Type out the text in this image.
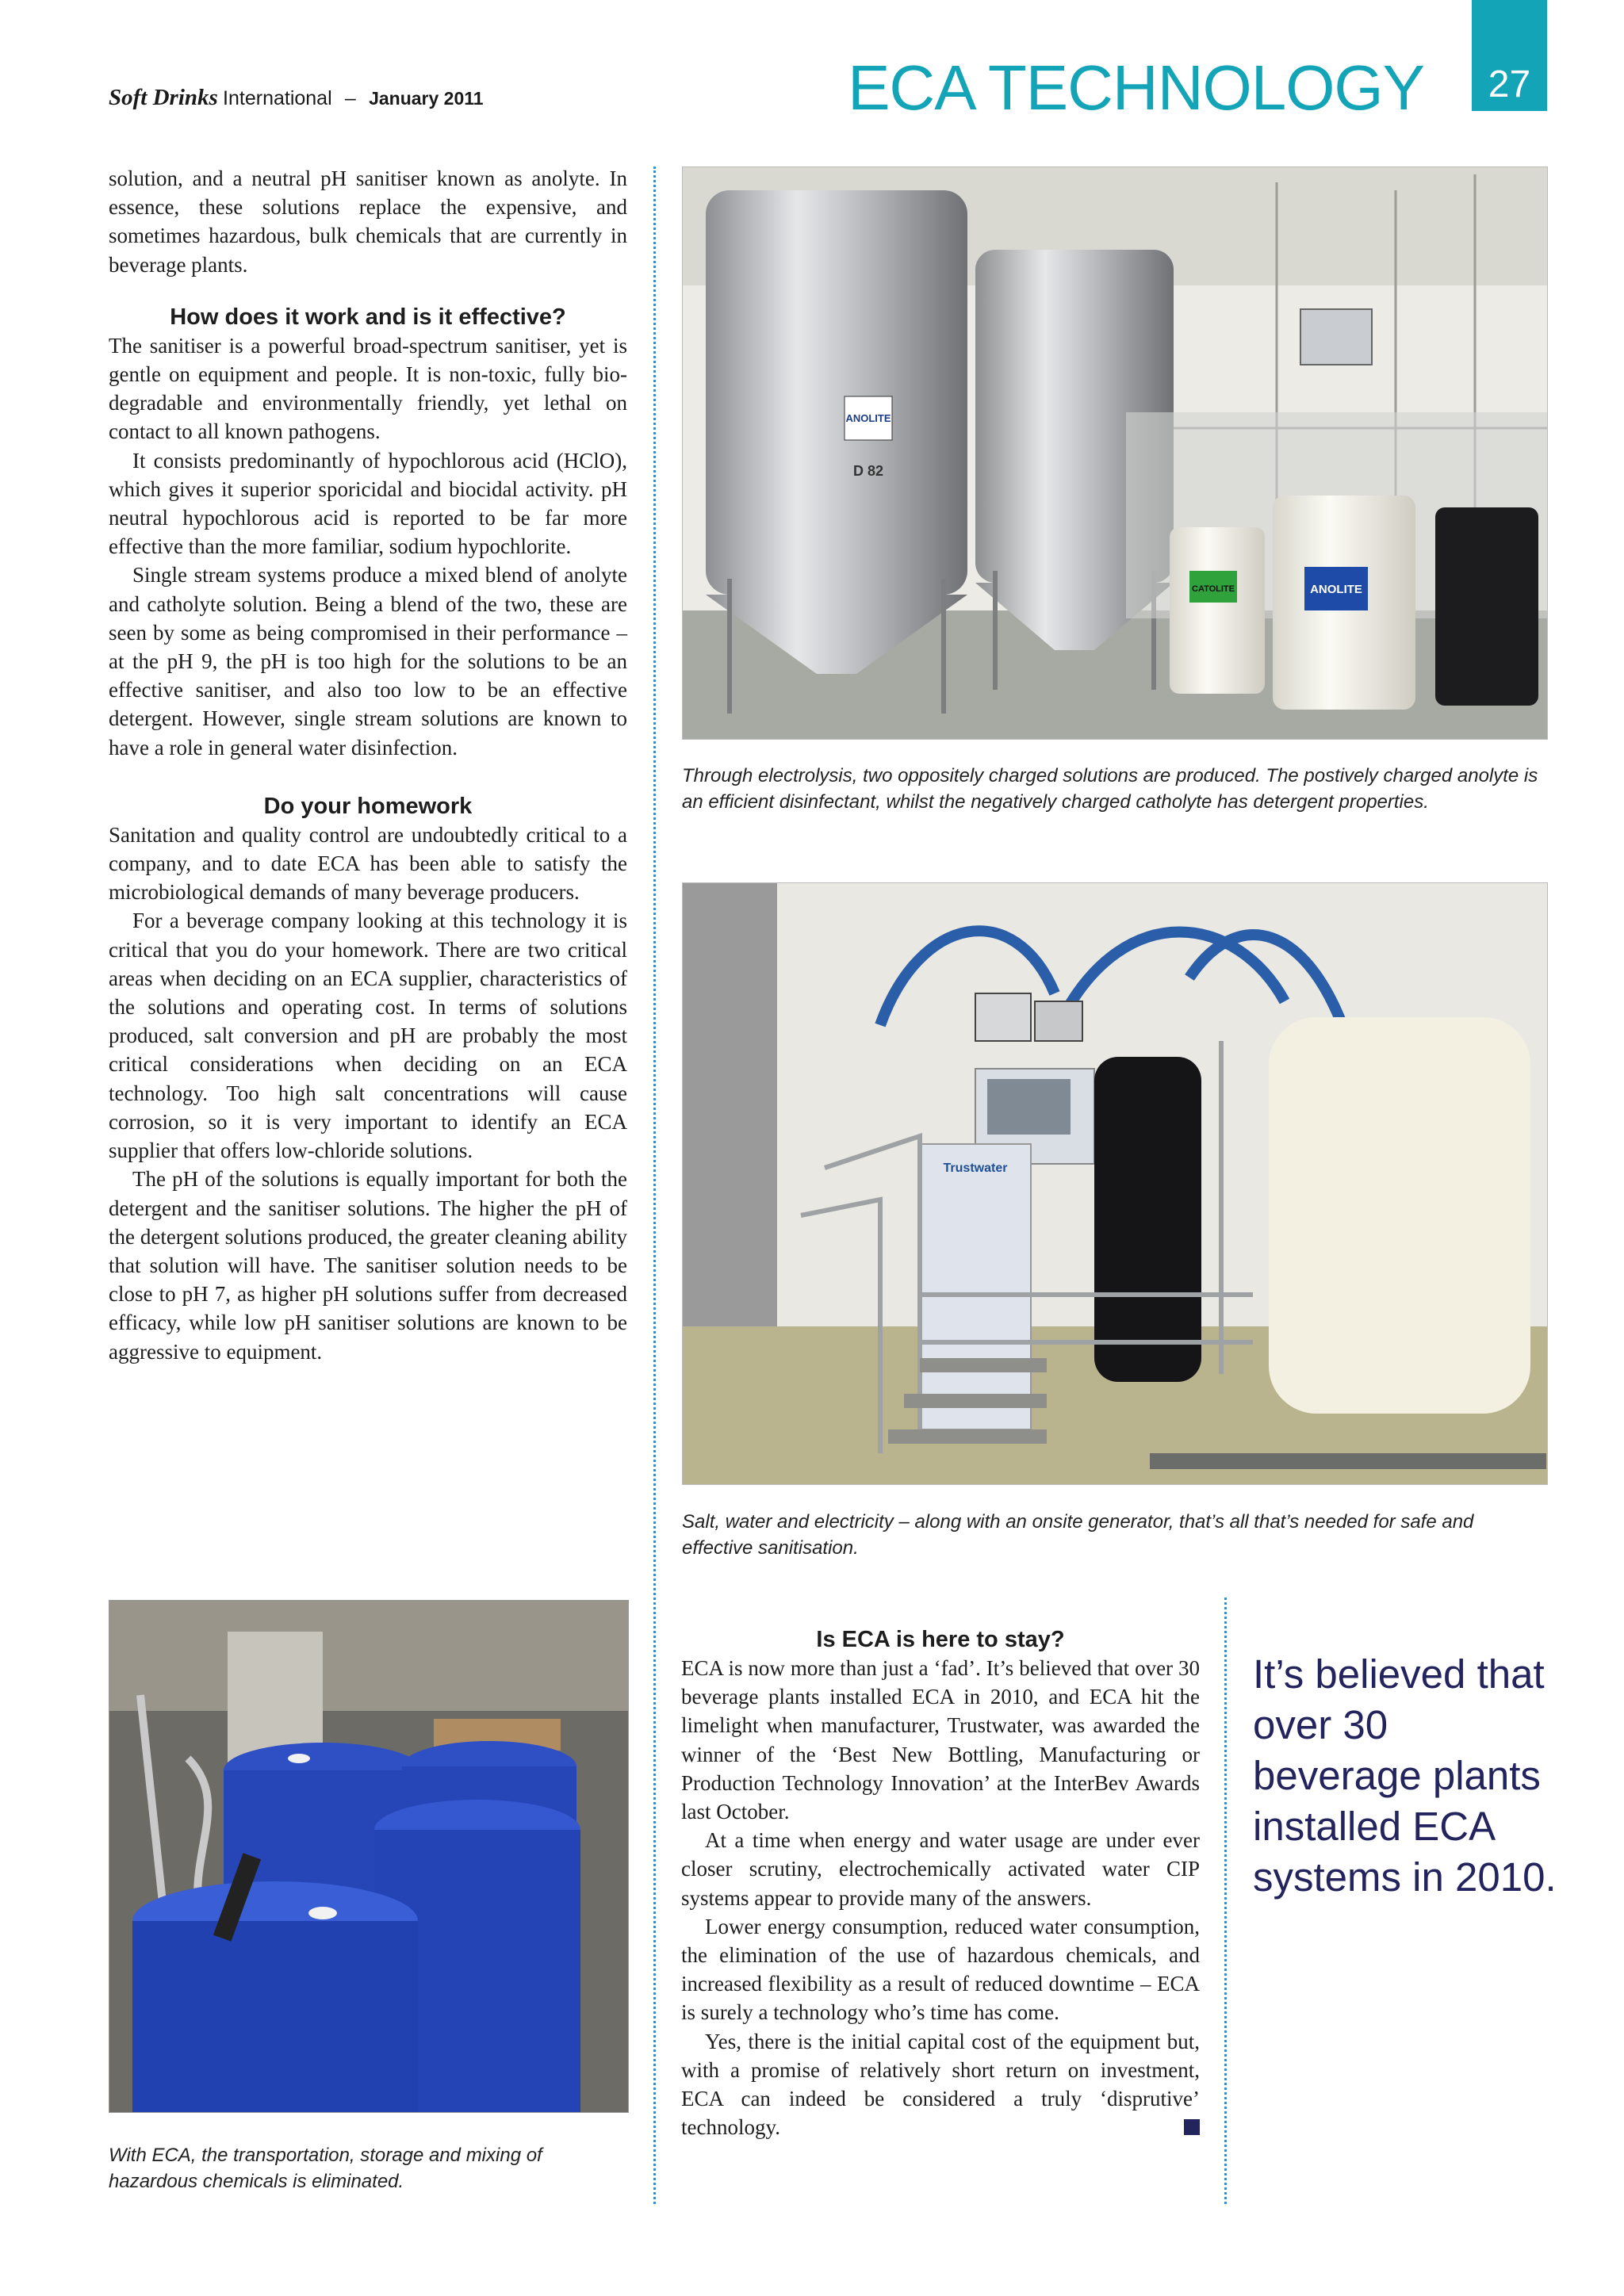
Soft Drinks International – January 2011	ECA TECHNOLOGY 27

solution, and a neutral pH sanitiser known as anolyte. In essence, these solutions replace the expensive, and sometimes hazardous, bulk chemicals that are currently in beverage plants.

How does it work and is it effective?

The sanitiser is a powerful broad-spectrum sanitiser, yet is gentle on equipment and people. It is non-toxic, fully bio-degradable and environmentally friendly, yet lethal on contact to all known pathogens.

It consists predominantly of hypochlorous acid (HClO), which gives it superior sporicidal and biocidal activity. pH neutral hypochlorous acid is reported to be far more effective than the more familiar, sodium hypochlorite.

Single stream systems produce a mixed blend of anolyte and catholyte solution. Being a blend of the two, these are seen by some as being compromised in their performance – at the pH 9, the pH is too high for the solutions to be an effective sanitiser, and also too low to be an effective detergent. However, single stream solutions are known to have a role in general water disinfection.

Do your homework

Sanitation and quality control are undoubtedly critical to a company, and to date ECA has been able to satisfy the microbiological demands of many beverage producers.

For a beverage company looking at this technology it is critical that you do your homework. There are two critical areas when deciding on an ECA supplier, characteristics of the solutions and operating cost. In terms of solutions produced, salt conversion and pH are probably the most critical considerations when deciding on an ECA technology. Too high salt concentrations will cause corrosion, so it is very important to identify an ECA supplier that offers low-chloride solutions.

The pH of the solutions is equally important for both the detergent and the sanitiser solutions. The higher the pH of the detergent solutions produced, the greater cleaning ability that solution will have. The sanitiser solution needs to be close to pH 7, as higher pH solutions suffer from decreased efficacy, while low pH sanitiser solutions are known to be aggressive to equipment.

ANOLITE
D 82
CATOLITE	ANOLITE
Through electrolysis, two oppositely charged solutions are produced. The postively charged anolyte is an efficient disinfectant, whilst the negatively charged catholyte has detergent properties.
Trustwater
Salt, water and electricity – along with an onsite generator, that’s all that’s needed for safe and effective sanitisation.
With ECA, the transportation, storage and mixing of hazardous chemicals is eliminated.
Is ECA is here to stay?

ECA is now more than just a ‘fad’. It’s believed that over 30 beverage plants installed ECA in 2010, and ECA hit the limelight when manufacturer, Trustwater, was awarded the winner of the ‘Best New Bottling, Manufacturing or Production Technology Innovation’ at the InterBev Awards last October.

At a time when energy and water usage are under ever closer scrutiny, electrochemically activated water CIP systems appear to provide many of the answers.

Lower energy consumption, reduced water consumption, the elimination of the use of hazardous chemicals, and increased flexibility as a result of reduced downtime – ECA is surely a technology who’s time has come.

Yes, there is the initial capital cost of the equipment but, with a promise of relatively short return on investment, ECA can indeed be considered a truly ‘disprutive’ technology.

It’s believed that over 30 beverage plants installed ECA systems in 2010.
